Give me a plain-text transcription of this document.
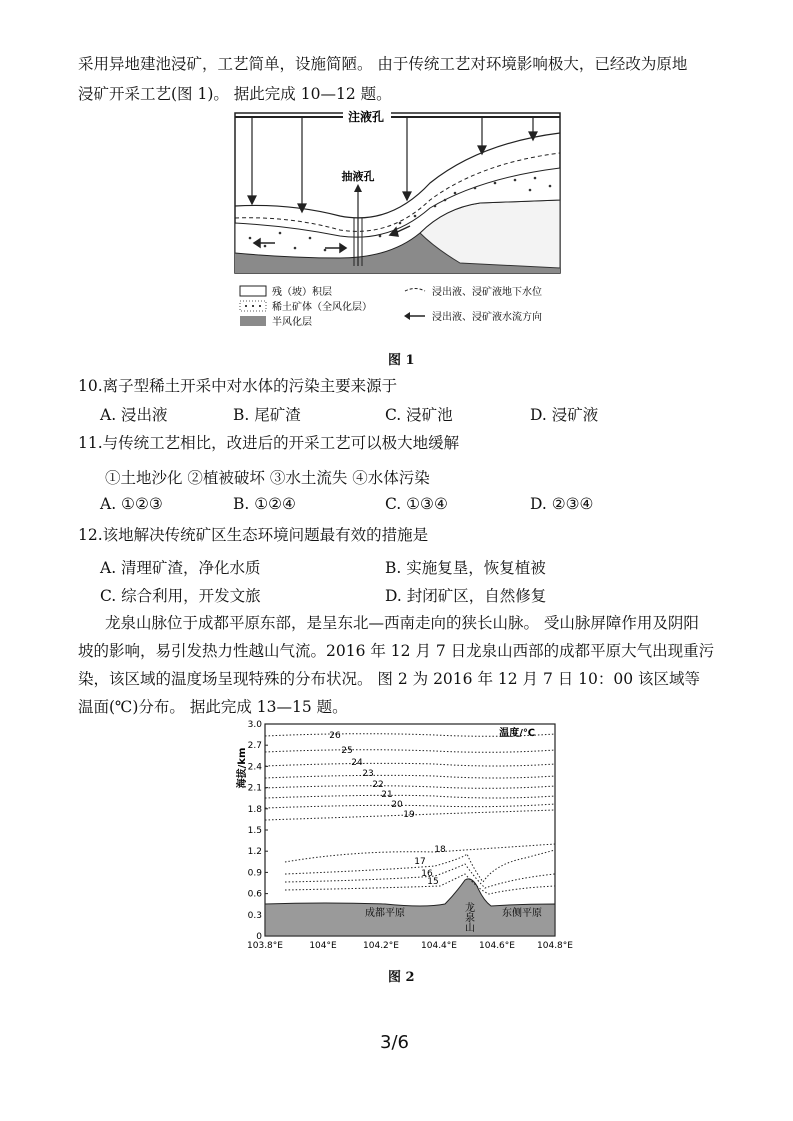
采用异地建池浸矿，工艺简单，设施简陋。 由于传统工艺对环境影响极大，已经改为原地
浸矿开采工艺(图 1)。 据此完成 10—12 题。
注液孔
抽液孔
残（坡）积层
稀土矿体（全风化层）
半风化层
浸出液、浸矿液地下水位
浸出液、浸矿液水流方向
图 1
10.离子型稀土开采中对水体的污染主要来源于
A. 浸出液	B. 尾矿渣	C. 浸矿池	D. 浸矿液
11.与传统工艺相比，改进后的开采工艺可以极大地缓解
①土地沙化 ②植被破坏 ③水土流失 ④水体污染
A. ①②③	B. ①②④	C. ①③④	D. ②③④
12.该地解决传统矿区生态环境问题最有效的措施是
A. 清理矿渣，净化水质	B. 实施复垦，恢复植被
C. 综合利用，开发文旅	D. 封闭矿区，自然修复
龙泉山脉位于成都平原东部，是呈东北—西南走向的狭长山脉。 受山脉屏障作用及阴阳
坡的影响，易引发热力性越山气流。2016 年 12 月 7 日龙泉山西部的成都平原大气出现重污
染，该区域的温度场呈现特殊的分布状况。 图 2 为 2016 年 12 月 7 日 10：00 该区域等
温面(℃)分布。 据此完成 13—15 题。
海拔/km
温度/℃
3.0
2.7
2.4
2.1
1.8
1.5
1.2
0.9
0.6
0.3
0
103.8°E	104°E	104.2°E 104.4°E 104.6°E 104.8°E
26
25
24
23
22
21
20
19
18
17
16
15
成都平原	龙泉山	东侧平原
图 2
3/6
